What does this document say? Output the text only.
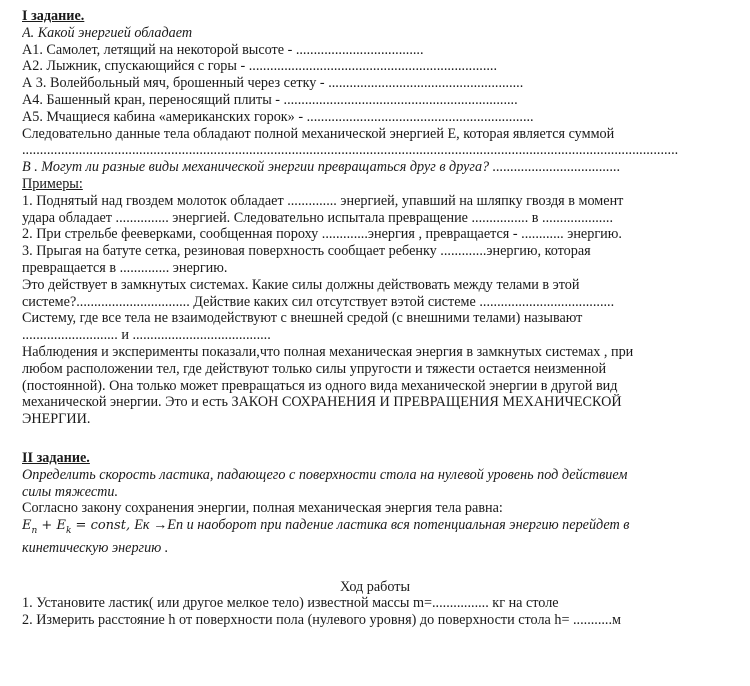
I задание.
А. Какой энергией обладает
А1. Самолет, летящий на некоторой высоте - ....................................
А2. Лыжник, спускающийся с горы - ......................................................................
А 3. Волейбольный мяч, брошенный через сетку - .......................................................
А4. Башенный кран, переносящий плиты - ..................................................................
А5. Мчащиеся кабина «американских горок» - ................................................................
Следовательно данные тела обладают полной механической энергией Е, которая является суммой
.........................................................................................................................................................................................
В . Могут ли разные виды механической энергии превращаться друг в друга? ....................................
Примеры:
1. Поднятый над гвоздем молоток обладает .............. энергией, упавший на шляпку гвоздя в момент
удара обладает ............... энергией. Следовательно испытала превращение ................ в ....................
2. При стрельбе фееверками, сообщенная пороху .............энергия , превращается - ............ энергию.
3. Прыгая на батуте сетка, резиновая поверхность сообщает ребенку .............энергию, которая
превращается в .............. энергию.
Это действует в замкнутых системах. Какие силы должны действовать между телами в этой
системе?................................ Действие каких сил отсутствует вэтой системе ......................................
Систему, где все тела не взаимодействуют с внешней средой (с внешними телами) называют
........................... и .......................................
Наблюдения и эксперименты показали,что полная механическая энергия в замкнутых системах , при
любом расположении тел, где действуют только силы упругости и тяжести остается неизменной
(постоянной). Она только может превращаться из одного вида механической энергии в другой вид
механической энергии. Это и есть ЗАКОН СОХРАНЕНИЯ И ПРЕВРАЩЕНИЯ МЕХАНИЧЕСКОЙ
ЭНЕРГИИ.
II задание.
Определить скорость ластика, падающего с поверхности стола на нулевой уровень под действием
силы тяжести.
Согласно закону сохранения энергии, полная механическая энергия тела равна:
$E_п + E_k$ = const, Ек →Еп и наоборот при падение ластика вся потенциальная энергию перейдет в
кинетическую энергию .
Ход работы
1. Установите ластик( или другое мелкое тело) известной массы m=................ кг на столе
2. Измерить расстояние h от поверхности пола (нулевого уровня) до поверхности стола h= ...........м
